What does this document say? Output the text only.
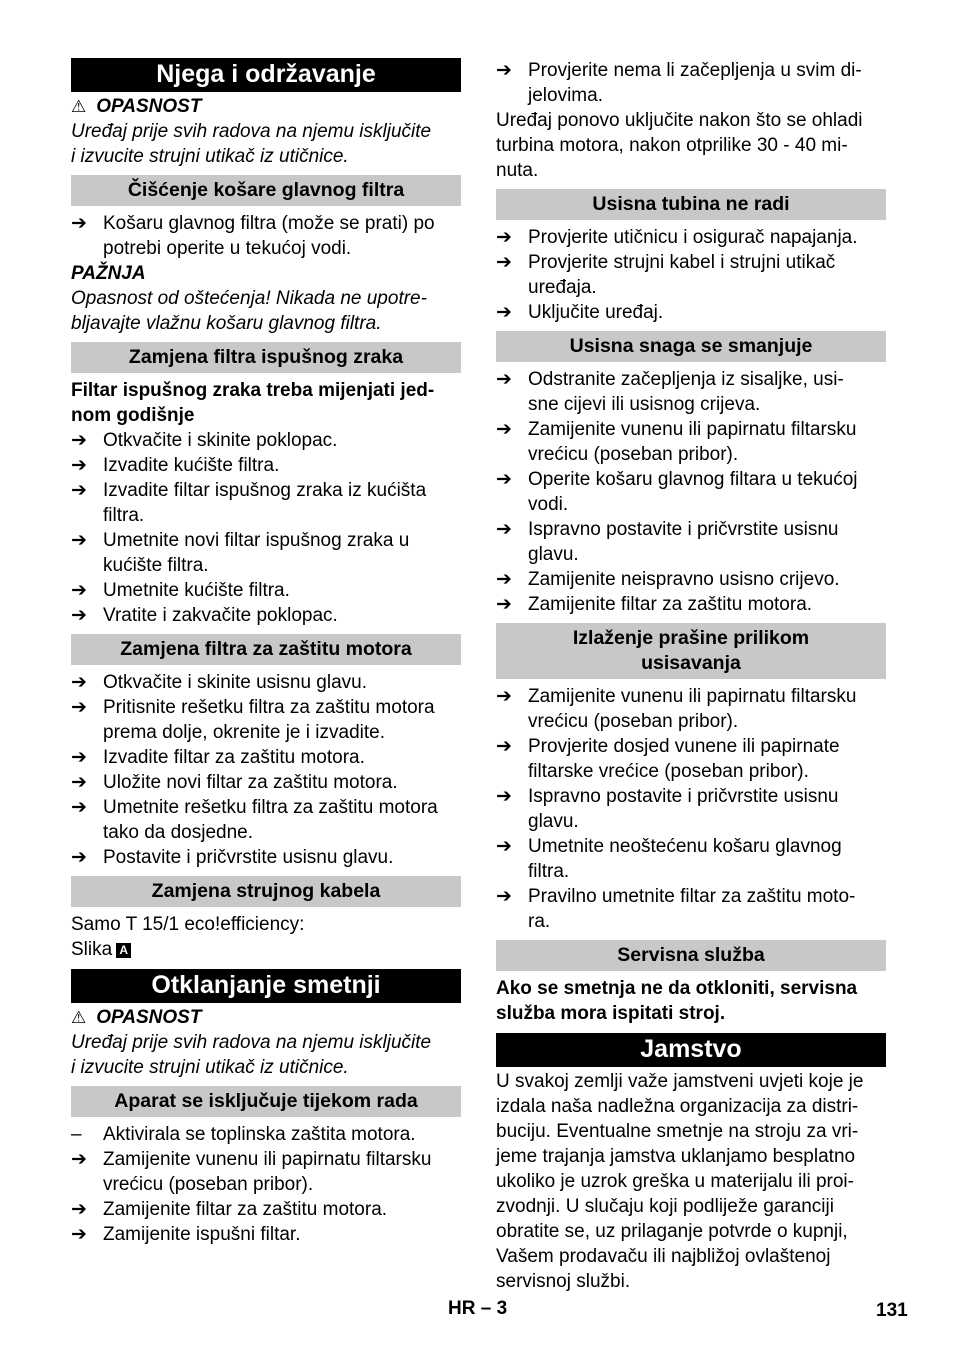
Njega i održavanje
⚠ OPASNOST
Uređaj prije svih radova na njemu isključite
i izvucite strujni utikač iz utičnice.
Čišćenje košare glavnog filtra
➔ Košaru glavnog filtra (može se prati) po
potrebi operite u tekućoj vodi.
PAŽNJA
Opasnost od oštećenja! Nikada ne upotre-
bljavajte vlažnu košaru glavnog filtra.
Zamjena filtra ispušnog zraka
Filtar ispušnog zraka treba mijenjati jed-
nom godišnje
➔ Otkvačite i skinite poklopac.
➔ Izvadite kućište filtra.
➔ Izvadite filtar ispušnog zraka iz kućišta
filtra.
➔ Umetnite novi filtar ispušnog zraka u
kućište filtra.
➔ Umetnite kućište filtra.
➔ Vratite i zakvačite poklopac.
Zamjena filtra za zaštitu motora
➔ Otkvačite i skinite usisnu glavu.
➔ Pritisnite rešetku filtra za zaštitu motora
prema dolje, okrenite je i izvadite.
➔ Izvadite filtar za zaštitu motora.
➔ Uložite novi filtar za zaštitu motora.
➔ Umetnite rešetku filtra za zaštitu motora
tako da dosjedne.
➔ Postavite i pričvrstite usisnu glavu.
Zamjena strujnog kabela
Samo T 15/1 eco!efficiency:
Slika A
Otklanjanje smetnji
⚠ OPASNOST
Uređaj prije svih radova na njemu isključite
i izvucite strujni utikač iz utičnice.
Aparat se isključuje tijekom rada
–	Aktivirala se toplinska zaštita motora.
➔ Zamijenite vunenu ili papirnatu filtarsku
vrećicu (poseban pribor).
➔ Zamijenite filtar za zaštitu motora.
➔ Zamijenite ispušni filtar.
➔ Provjerite nema li začepljenja u svim di-
jelovima.
Uređaj ponovo uključite nakon što se ohladi
turbina motora, nakon otprilike 30 - 40 mi-
nuta.
Usisna tubina ne radi
➔ Provjerite utičnicu i osigurač napajanja.
➔ Provjerite strujni kabel i strujni utikač
uređaja.
➔ Uključite uređaj.
Usisna snaga se smanjuje
➔ Odstranite začepljenja iz sisaljke, usi-
sne cijevi ili usisnog crijeva.
➔ Zamijenite vunenu ili papirnatu filtarsku
vrećicu (poseban pribor).
➔ Operite košaru glavnog filtara u tekućoj
vodi.
➔ Ispravno postavite i pričvrstite usisnu
glavu.
➔ Zamijenite neispravno usisno crijevo.
➔ Zamijenite filtar za zaštitu motora.
Izlaženje prašine prilikom
usisavanja
➔ Zamijenite vunenu ili papirnatu filtarsku
vrećicu (poseban pribor).
➔ Provjerite dosjed vunene ili papirnate
filtarske vrećice (poseban pribor).
➔ Ispravno postavite i pričvrstite usisnu
glavu.
➔ Umetnite neoštećenu košaru glavnog
filtra.
➔ Pravilno umetnite filtar za zaštitu moto-
ra.
Servisna služba
Ako se smetnja ne da otkloniti, servisna
služba mora ispitati stroj.
Jamstvo
U svakoj zemlji važe jamstveni uvjeti koje je
izdala naša nadležna organizacija za distri-
buciju. Eventualne smetnje na stroju za vri-
jeme trajanja jamstva uklanjamo besplatno
ukoliko je uzrok greška u materijalu ili proi-
zvodnji. U slučaju koji podliježe garanciji
obratite se, uz prilaganje potvrde o kupnji,
Vašem prodavaču ili najbližoj ovlaštenoj
servisnoj službi.
HR – 3	131
